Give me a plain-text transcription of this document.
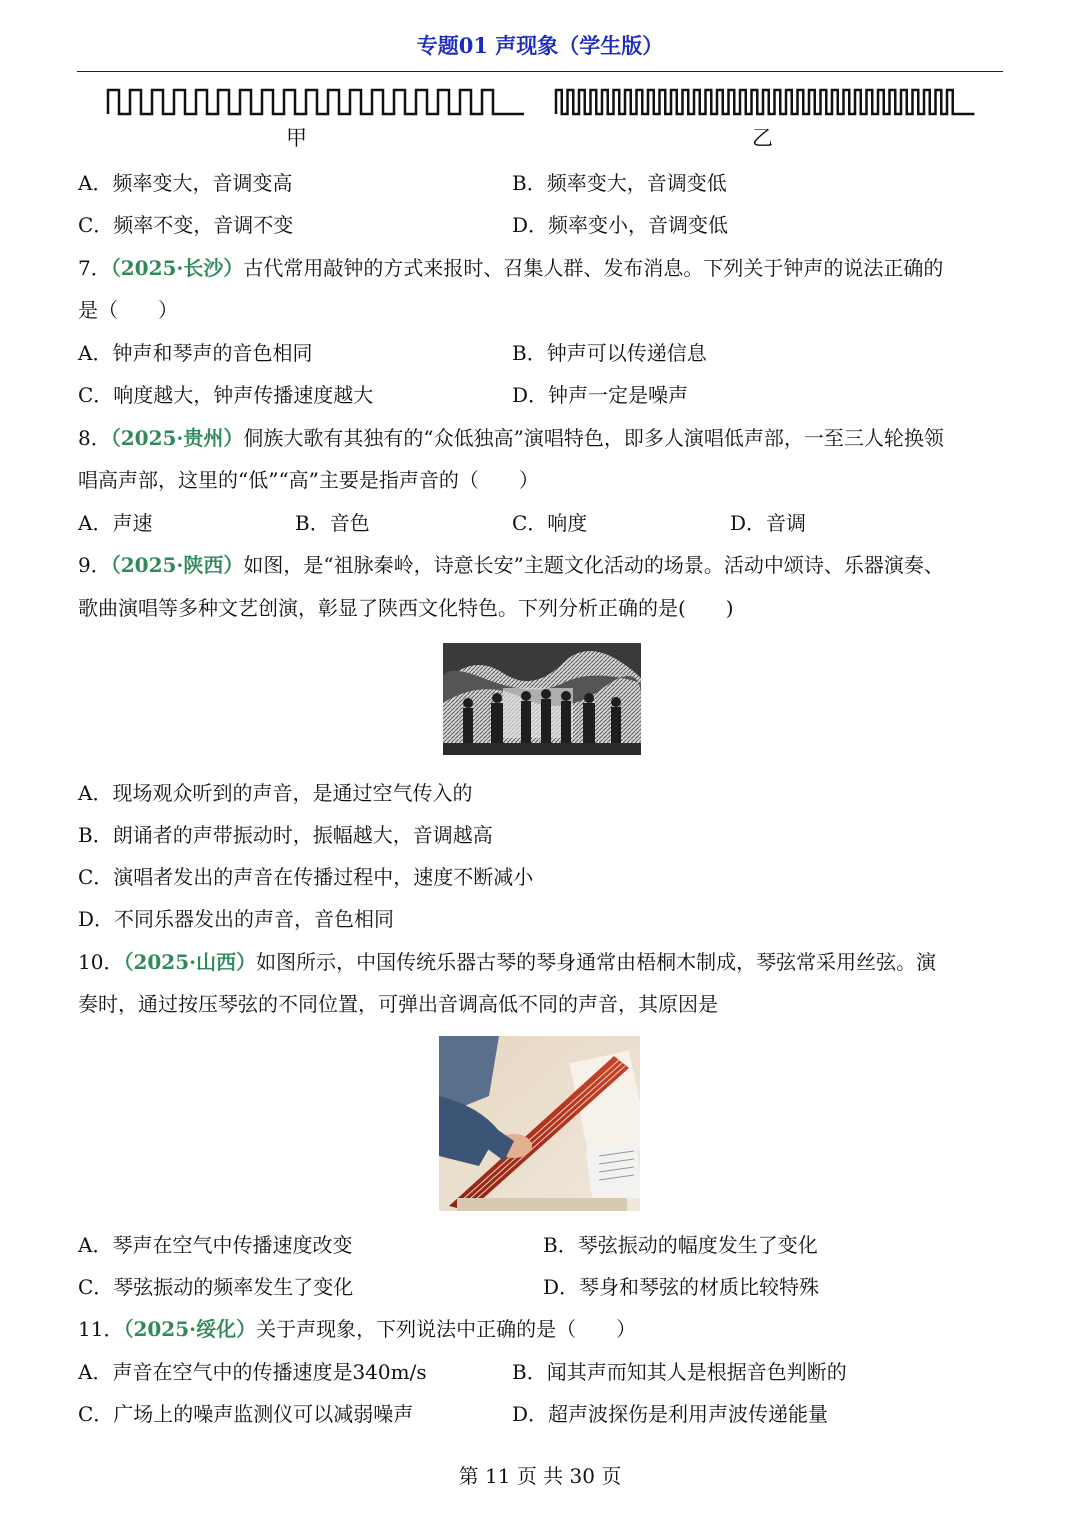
专题01 声现象（学生版）
甲	乙
A．频率变大，音调变高	B．频率变大，音调变低
C．频率不变，音调不变	D．频率变小，音调变低
7．（2025·长沙）古代常用敲钟的方式来报时、召集人群、发布消息。下列关于钟声的说法正确的
是（　　）
A．钟声和琴声的音色相同	B．钟声可以传递信息
C．响度越大，钟声传播速度越大	D．钟声一定是噪声
8．（2025·贵州）侗族大歌有其独有的“众低独高”演唱特色，即多人演唱低声部，一至三人轮换领
唱高声部，这里的“低”“高”主要是指声音的（　　）
A．声速	B．音色	C．响度	D．音调
9．（2025·陕西）如图，是“祖脉秦岭，诗意长安”主题文化活动的场景。活动中颂诗、乐器演奏、
歌曲演唱等多种文艺创演，彰显了陕西文化特色。下列分析正确的是(　　)
A．现场观众听到的声音，是通过空气传入的
B．朗诵者的声带振动时，振幅越大，音调越高
C．演唱者发出的声音在传播过程中，速度不断减小
D．不同乐器发出的声音，音色相同
10．（2025·山西）如图所示，中国传统乐器古琴的琴身通常由梧桐木制成，琴弦常采用丝弦。演
奏时，通过按压琴弦的不同位置，可弹出音调高低不同的声音，其原因是
A．琴声在空气中传播速度改变	B．琴弦振动的幅度发生了变化
C．琴弦振动的频率发生了变化	D．琴身和琴弦的材质比较特殊
11．（2025·绥化）关于声现象，下列说法中正确的是（　　）
A．声音在空气中的传播速度是340m/s	B．闻其声而知其人是根据音色判断的
C．广场上的噪声监测仪可以减弱噪声	D．超声波探伤是利用声波传递能量
第 11 页 共 30 页
